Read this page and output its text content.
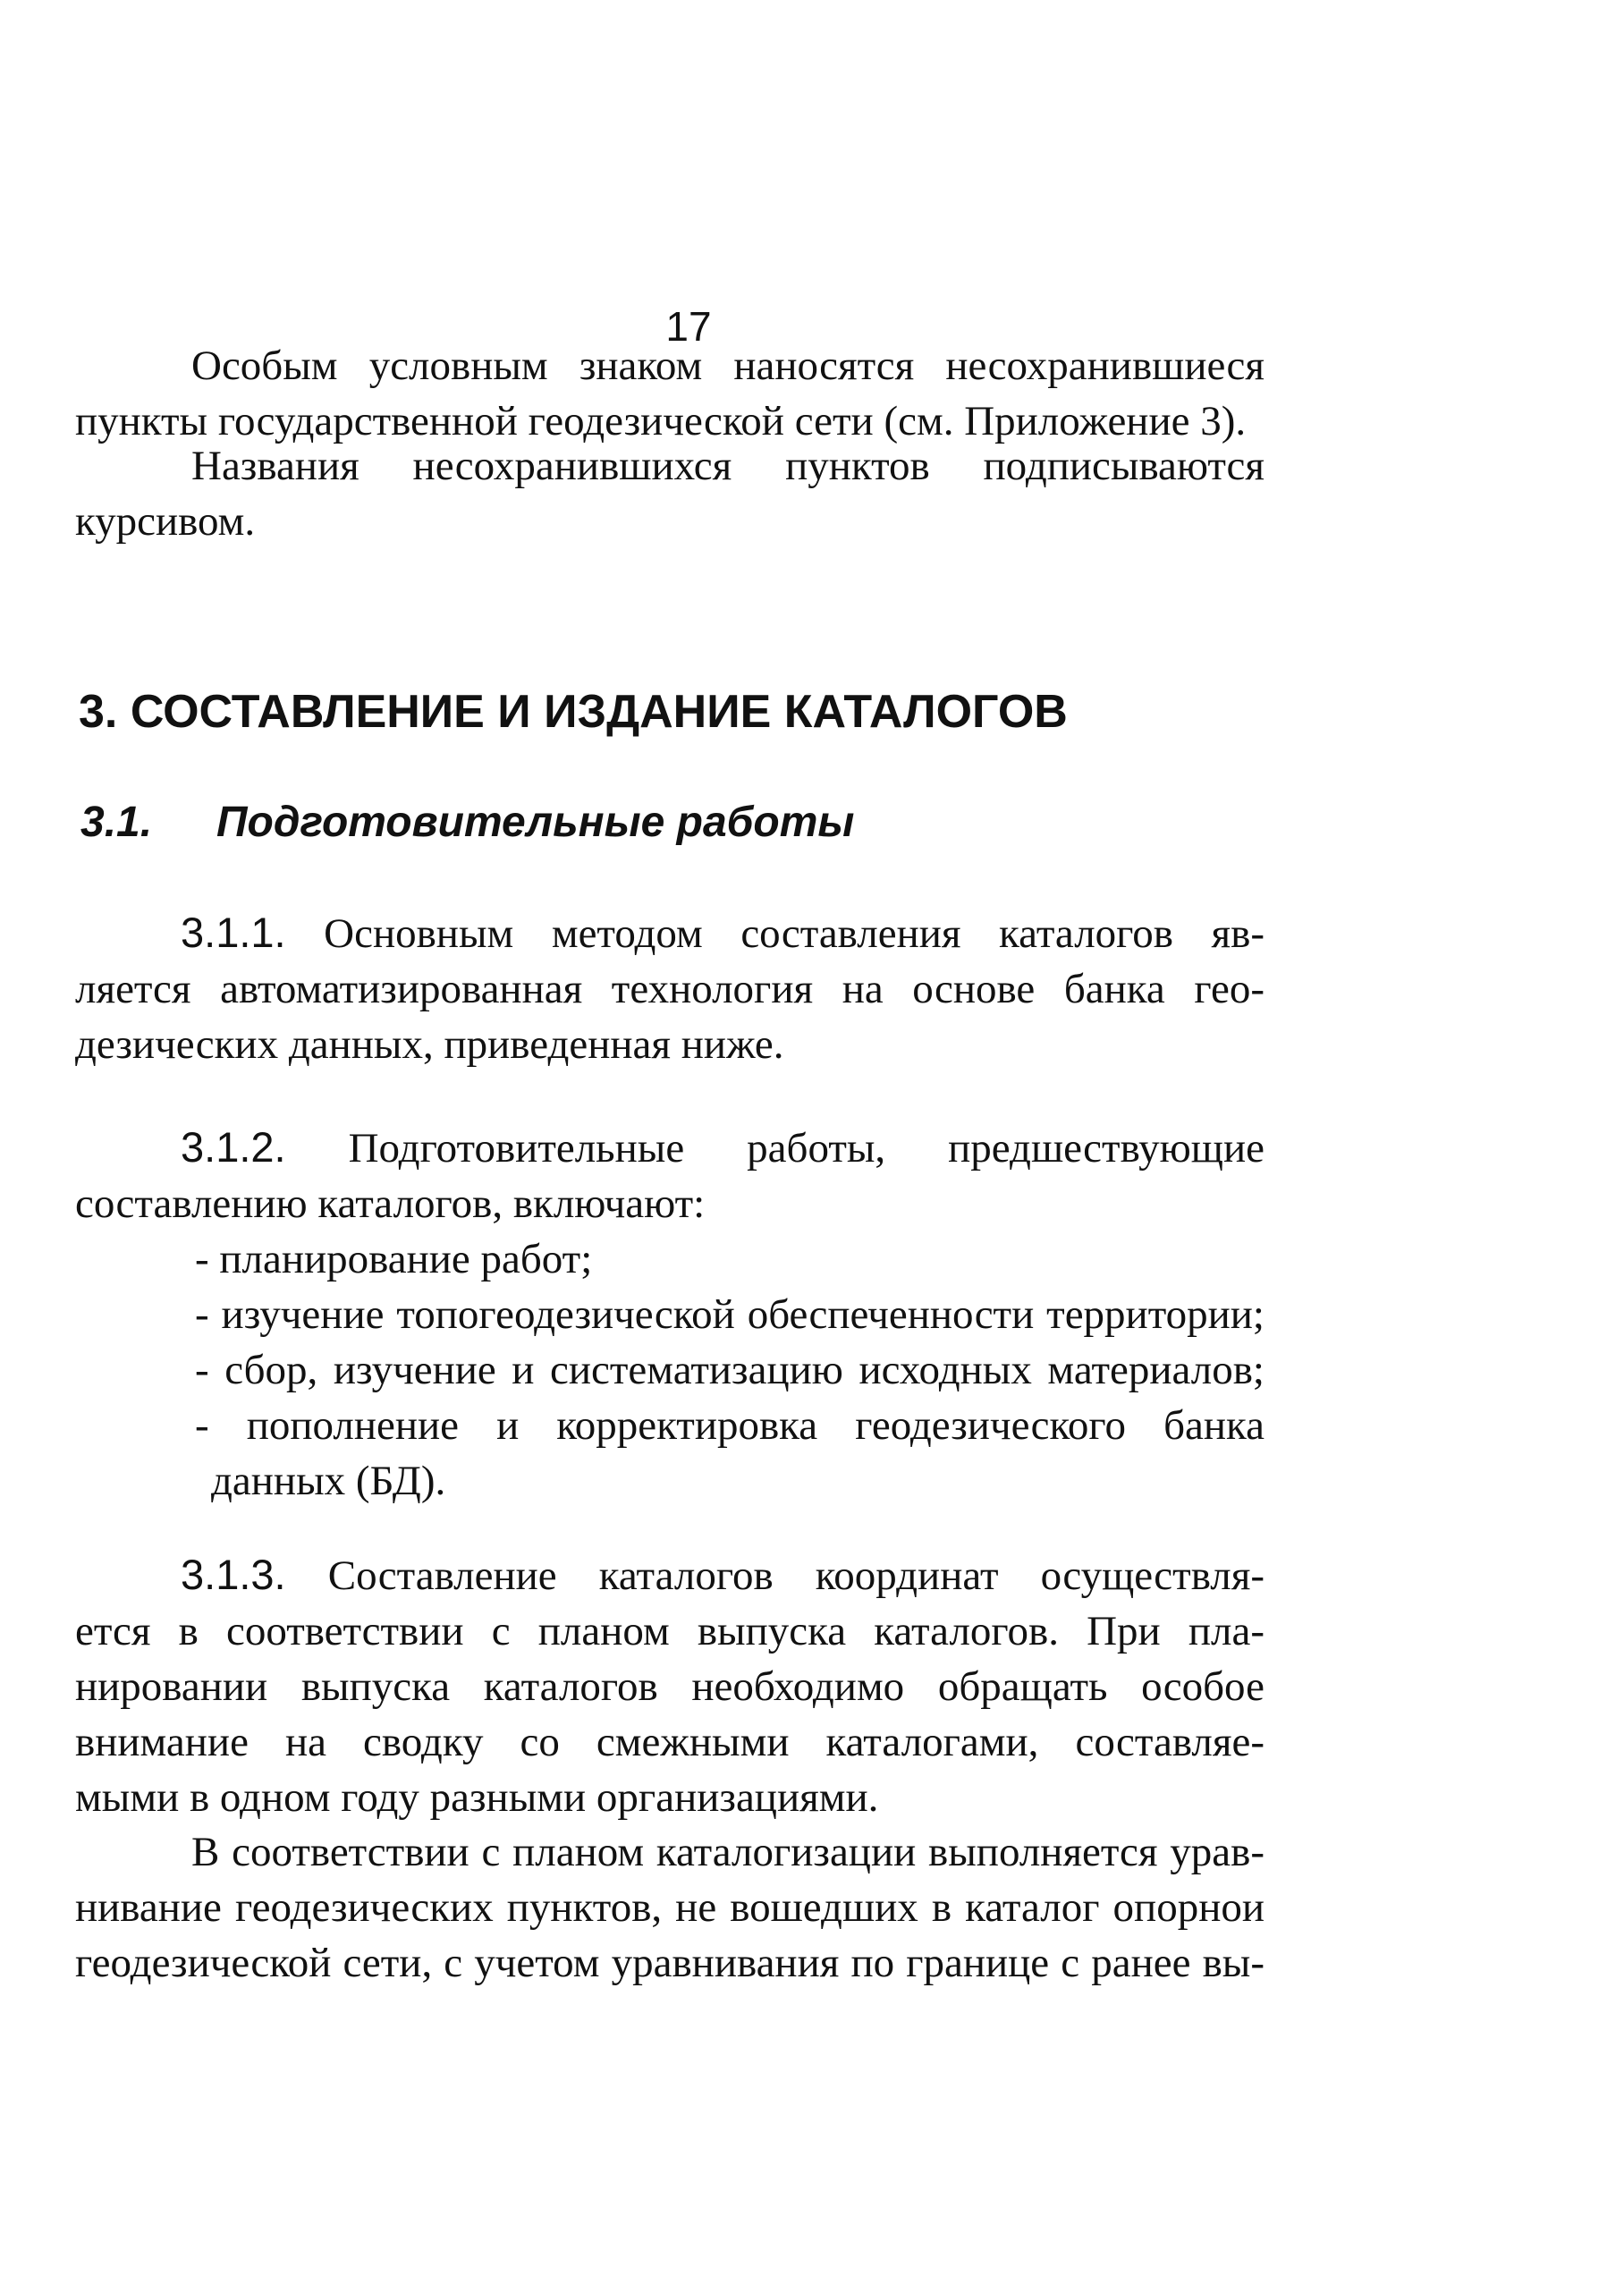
17
Особым условным знаком наносятся несохранившиеся
пункты государственной геодезической сети (см. Приложение 3).
Названия несохранившихся пунктов подписываются
курсивом.
3. СОСТАВЛЕНИЕ И ИЗДАНИЕ КАТАЛОГОВ
3.1. Подготовительные работы
3.1.1. Основным методом составления каталогов яв-
ляется автоматизированная технология на основе банка гео-
дезических данных, приведенная ниже.
3.1.2. Подготовительные работы, предшествующие
составлению каталогов, включают:
- планирование работ;
- изучение топогеодезической обеспеченности территории;
- сбор, изучение и систематизацию исходных материалов;
- пополнение и корректировка геодезического банка
данных (БД).
3.1.3. Составление каталогов координат осуществля-
ется в соответствии с планом выпуска каталогов. При пла-
нировании выпуска каталогов необходимо обращать особое
внимание на сводку со смежными каталогами, составляе-
мыми в одном году разными организациями.
В соответствии с планом каталогизации выполняется урав-
нивание геодезических пунктов, не вошедших в каталог опорнои
геодезической сети, с учетом уравнивания по границе с ранее вы-
